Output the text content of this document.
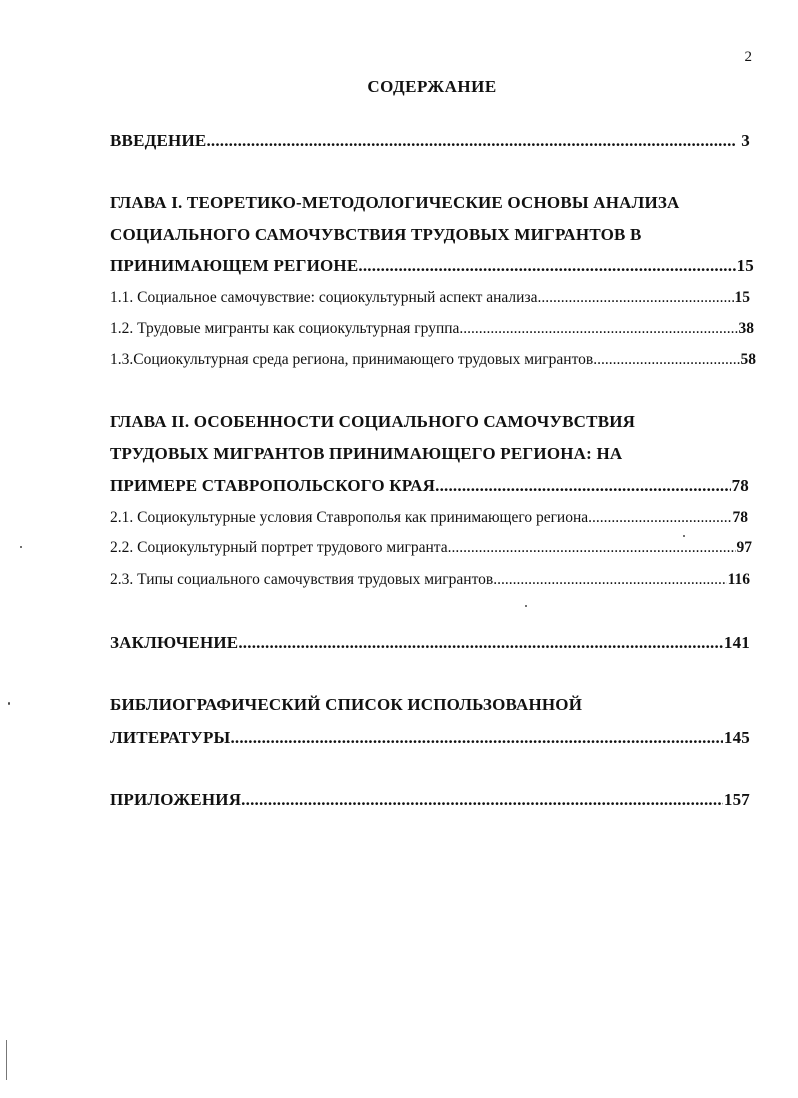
2
СОДЕРЖАНИЕ
ВВЕДЕНИЕ .....	3
ГЛАВА I. ТЕОРЕТИКО-МЕТОДОЛОГИЧЕСКИЕ ОСНОВЫ АНАЛИЗА
СОЦИАЛЬНОГО САМОЧУВСТВИЯ ТРУДОВЫХ МИГРАНТОВ В
ПРИНИМАЮЩЕМ РЕГИОНЕ .....	15
1.1. Социальное самочувствие: социокультурный аспект анализа .....	15
1.2. Трудовые мигранты как социокультурная группа .....	38
1.3.Социокультурная среда региона, принимающего трудовых мигрантов .....	58
ГЛАВА II. ОСОБЕННОСТИ СОЦИАЛЬНОГО САМОЧУВСТВИЯ
ТРУДОВЫХ МИГРАНТОВ ПРИНИМАЮЩЕГО РЕГИОНА: НА
ПРИМЕРЕ СТАВРОПОЛЬСКОГО КРАЯ .....	78
2.1. Социокультурные условия Ставрополья как принимающего региона .....	78
2.2. Социокультурный портрет трудового мигранта .....	97
2.3. Типы социального самочувствия трудовых мигрантов .....	116
ЗАКЛЮЧЕНИЕ .....	141
БИБЛИОГРАФИЧЕСКИЙ СПИСОК ИСПОЛЬЗОВАННОЙ
ЛИТЕРАТУРЫ .....	145
ПРИЛОЖЕНИЯ .....	157
